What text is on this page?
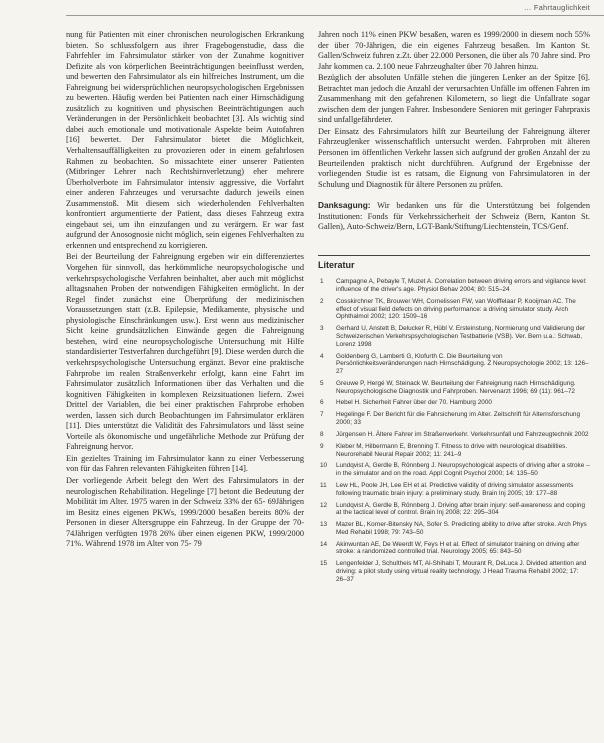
… Fahrtauglichkeit

nung für Patienten mit einer chronischen neurologischen Erkrankung bieten. So schlussfolgern aus ihrer Fragebogenstudie, dass die Fahrfehler im Fahrsimulator stärker von der Zunahme kognitiver Defizite als von körperlichen Beeinträchtigungen beeinflusst werden, und bewerten den Fahrsimulator als ein hilfreiches Instrument, um die Fahreignung bei widersprüchlichen neuropsychologischen Ergebnissen zu bewerten. Häufig werden bei Patienten nach einer Hirnschädigung zusätzlich zu kognitiven und physischen Beeinträchtigungen auch Veränderungen in der Persönlichkeit beobachtet [3]. Als wichtig sind dabei auch emotionale und motivationale Aspekte beim Autofahren [16] bewertet. Der Fahrsimulator bietet die Möglichkeit, Verhaltensauffälligkeiten zu provozieren oder in einem gefahrlosen Rahmen zu beobachten. So missachtete einer unserer Patienten (Mitbringer Lehrer nach Rechtshirnverletzung) eher mehrere Überholverbote im Fahrsimulator intensiv aggressive, die Vorfahrt einer anderen Fahrzeuges und verursachte dadurch jeweils einen Zusammenstoß. Mit diesem sich wiederholenden Fehlverhalten konfrontiert argumentierte der Patient, dass dieses Fahrzeug extra eingebaut sei, um ihn einzufangen und zu verärgern. Er war fast aufgrund der Anosognosie nicht möglich, sein eigenes Fehlverhalten zu erkennen und entsprechend zu korrigieren.

Bei der Beurteilung der Fahreignung ergeben wir ein differenziertes Vorgehen für sinnvoll, das herkömmliche neuropsychologische und verkehrspsychologische Verfahren beinhaltet, aber auch mit möglichst alltagsnahen Proben der notwendigen Fähigkeiten ermöglicht. In der Regel findet zunächst eine Überprüfung der medizinischen Voraussetzungen statt (z.B. Epilepsie, Medikamente, physische und physiologische Einschränkungen usw.). Erst wenn aus medizinischer Sicht keine grundsätzlichen Einwände gegen die Fahreignung bestehen, wird eine neuropsychologische Untersuchung mit Hilfe standardisierter Testverfahren durchgeführt [9]. Diese werden durch die verkehrspsychologische Untersuchung ergänzt. Bevor eine praktische Fahrprobe im realen Straßenverkehr erfolgt, kann eine Fahrt im Fahrsimulator zusätzlich Informationen über das Verhalten und die kognitiven Fähigkeiten in komplexen Reizsituationen liefern. Zwei Drittel der Variablen, die bei einer praktischen Fahrprobe erhoben werden, lassen sich durch Beobachtungen im Fahrsimulator erklären [11]. Dies unterstützt die Validität des Fahrsimulators und lässt seine Vorteile als ökonomische und ungefährliche Methode zur Prüfung der Fahreignung hervor.

Ein gezieltes Training im Fahrsimulator kann zu einer Verbesserung von für das Fahren relevanten Fähigkeiten führen [14].

Der vorliegende Arbeit belegt den Wert des Fahrsimulators in der neurologischen Rehabilitation. Hegelinge [7] betont die Bedeutung der Mobilität im Alter. 1975 waren in der Schweiz 33% der 65- 69Jährigen im Besitz eines eigenen PKWs, 1999/2000 besaßen bereits 80% der Personen in dieser Altersgruppe ein Fahrzeug. In der Gruppe der 70- 74Jährigen verfügten 1978 26% über einen eigenen PKW, 1999/2000 71%. Während 1978 im Alter von 75- 79

Jahren noch 11% einen PKW besaßen, waren es 1999/2000 in diesem noch 55% der über 70-Jährigen, die ein eigenes Fahrzeug besaßen. Im Kanton St. Gallen/Schweiz fuhren z.Zt. über 22.000 Personen, die über als 70 Jahre sind. Pro Jahr kommen ca. 2.100 neue Fahrzeughalter über 70 Jahren hinzu.

Bezüglich der absoluten Unfälle stehen die jüngeren Lenker an der Spitze [6]. Betrachtet man jedoch die Anzahl der verursachten Unfälle im offenen Fahren im Zusammenhang mit den gefahrenen Kilometern, so liegt die Unfallrate sogar zwischen dem der jungen Fahrer. Insbesondere Senioren mit geringer Fahrpraxis sind unfallgefährdeter.

Der Einsatz des Fahrsimulators hilft zur Beurteilung der Fahreignung älterer Fahrzeuglenker wissenschaftlich untersucht werden. Fahrproben mit älteren Personen im öffentlichen Verkehr lassen sich aufgrund der großen Anzahl der zu Beurteilenden praktisch nicht durchführen. Aufgrund der Ergebnisse der vorliegenden Studie ist es ratsam, die Eignung von Fahrsimulatoren in der Schulung und Diagnostik für ältere Personen zu prüfen.

Danksagung: Wir bedanken uns für die Unterstützung bei folgenden Institutionen: Fonds für Verkehrssicherheit der Schweiz (Bern, Kanton St. Gallen), Auto-Schweiz/Bern, LGT-Bank/Stiftung/Liechtenstein, TCS/Genf.

Literatur
1 Campagne A, Pebayle T, Muzet A. Correlation between driving errors and vigilance level: influence of the driver's age. Physiol Behav 2004; 80: 515–24
2 Cosskirchner TK, Brouwer WH, Cornelissen FW, van Wolffelaar P, Kooijman AC. The effect of visual field defects on driving performance: a driving simulator study. Arch Ophthalmol 2002; 120: 1509–16
3 Gerhard U, Anstett B, Delucker R, Hübl V. Ersteinstung, Normierung und Validierung der Schweizerischen Verkehrspsychologischen Testbatterie (VSB). Ver. Bern u.a.: Schwab, Lorenz 1998
4 Goldenberg G, Lamberti G, Klofurth C. Die Beurteilung von Persönlichkeitsveränderungen nach Hirnschädigung. Z Neuropsychologie 2002; 13: 126–27
5 Greuwe P, Hergé W, Steinack W. Beurteilung der Fahreignung nach Hirnschädigung. Neuropsychologische Diagnostik und Fahrproben. Nervenarzt 1996; 69 (11): 961–72
6 Hebel H. Sicherheit Fahrer über der 70. Hamburg 2000
7 Hegelinge F. Der Bericht für die Fahrsicherung im Alter. Zeitschrift für Alternsforschung 2000; 33
8 Jürgensen H. Ältere Fahrer im Straßenverkehr. Verkehrsunfall und Fahrzeugtechnik 2002
9 Kleber M, Hilbermann E, Brenning T. Fitness to drive with neurological disabilities. Neurorehabil Neural Repair 2002; 11: 241–9
10 Lundqvist A, Gerdle B, Rönnberg J. Neuropsychological aspects of driving after a stroke – in the simulator and on the road. Appl Cognit Psychol 2000; 14: 135–50
11 Lew HL, Poole JH, Lee EH et al. Predictive validity of driving simulator assessments following traumatic brain injury: a preliminary study. Brain Inj 2005; 19: 177–88
12 Lundqvist A, Gerdle B, Rönnberg J. Driving after brain injury: self-awareness and coping at the tactical level of control. Brain Inj 2008; 22: 295–304
13 Mazer BL, Korner-Bitensky NA, Sofer S. Predicting ability to drive after stroke. Arch Phys Med Rehabil 1998; 79: 743–50
14 Akinwuntan AE, De Weerdt W, Feys H et al. Effect of simulator training on driving after stroke: a randomized controlled trial. Neurology 2005; 65: 843–50
15 Lengenfelder J, Schultheis MT, Al-Shihabi T, Mourant R, DeLuca J. Divided attention and driving: a pilot study using virtual reality technology. J Head Trauma Rehabil 2002; 17: 26–37
